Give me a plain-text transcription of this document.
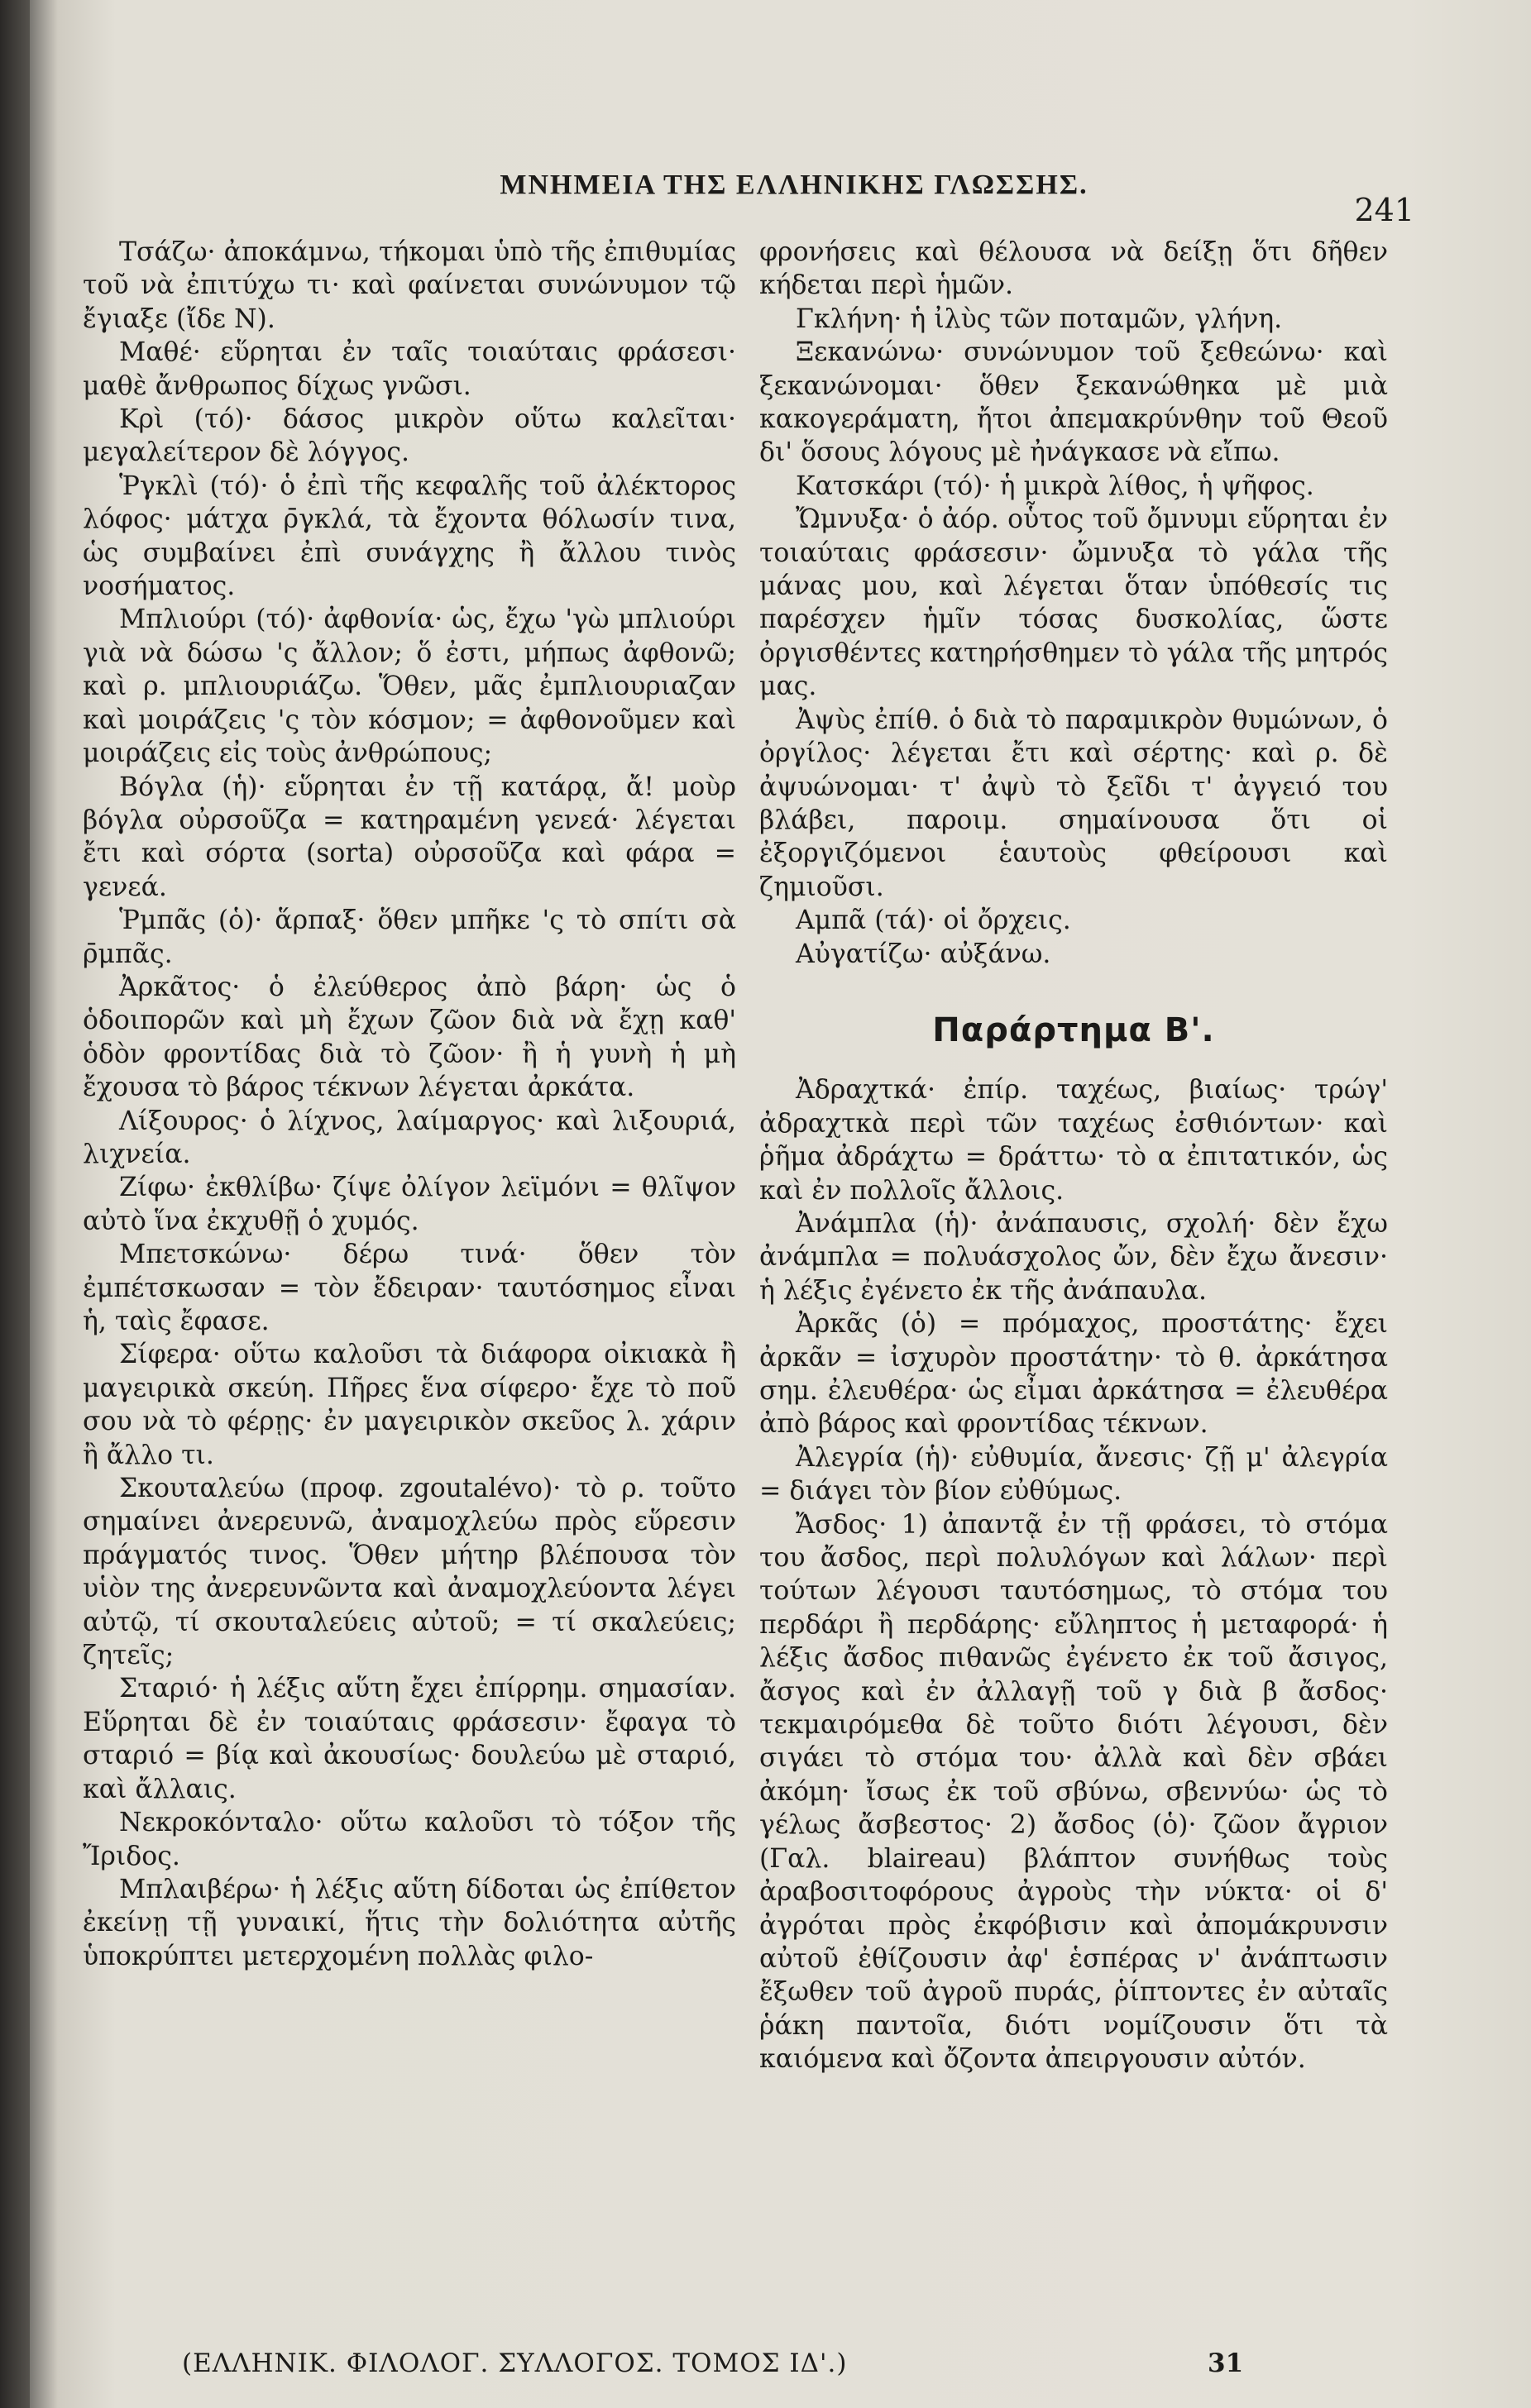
ΜΝΗΜΕΙΑ ΤΗΣ ΕΛΛΗΝΙΚΗΣ ΓΛΩΣΣΗΣ.
241

Τσάζω· ἀποκάμνω, τήκομαι ὑπὸ τῆς ἐπιθυμίας τοῦ νὰ ἐπιτύχω τι· καὶ φαίνεται συνώνυμον τῷ ἔγιαξε (ἴδε Ν).

Μαθέ· εὕρηται ἐν ταῖς τοιαύταις φράσεσι· μαθὲ ἄνθρωπος δίχως γνῶσι.

Κρὶ (τό)· δάσος μικρὸν οὕτω καλεῖται· μεγαλείτερον δὲ λόγγος.

Ῥγκλὶ (τό)· ὁ ἐπὶ τῆς κεφαλῆς τοῦ ἀλέκτορος λόφος· μάτχα ρ̄γκλά, τὰ ἔχοντα θόλωσίν τινα, ὡς συμβαίνει ἐπὶ συνάγχης ἢ ἄλλου τινὸς νοσήματος.

Μπλιούρι (τό)· ἀφθονία· ὡς, ἔχω 'γὼ μπλιούρι γιὰ νὰ δώσω 'ς ἄλλον; ὅ ἐστι, μήπως ἀφθονῶ; καὶ ρ. μπλιουριάζω. Ὅθεν, μᾶς ἐμπλιουριαζαν καὶ μοιράζεις 'ς τὸν κόσμον; = ἀφθονοῦμεν καὶ μοιράζεις εἰς τοὺς ἀνθρώπους;

Βόγλα (ἡ)· εὕρηται ἐν τῇ κατάρᾳ, ἄ! μοὺρ βόγλα οὐρσοῦζα = κατηραμένη γενεά· λέγεται ἔτι καὶ σόρτα (sorta) οὐρσοῦζα καὶ φάρα = γενεά.

Ῥμπᾶς (ὁ)· ἅρπαξ· ὅθεν μπῆκε 'ς τὸ σπίτι σὰ ρ̄μπᾶς.

Ἀρκᾶτος· ὁ ἐλεύθερος ἀπὸ βάρη· ὡς ὁ ὁδοιπορῶν καὶ μὴ ἔχων ζῶον διὰ νὰ ἔχῃ καθ' ὁδὸν φροντίδας διὰ τὸ ζῶον· ἢ ἡ γυνὴ ἡ μὴ ἔχουσα τὸ βάρος τέκνων λέγεται ἀρκάτα.

Λίξουρος· ὁ λίχνος, λαίμαργος· καὶ λιξουριά, λιχνεία.

Ζίφω· ἐκθλίβω· ζίψε ὀλίγον λεϊμόνι = θλῖψον αὐτὸ ἵνα ἐκχυθῇ ὁ χυμός.

Μπετσκώνω· δέρω τινά· ὅθεν τὸν ἐμπέτσκωσαν = τὸν ἔδειραν· ταυτόσημος εἶναι ἡ, ταὶς ἔφασε.

Σίφερα· οὕτω καλοῦσι τὰ διάφορα οἰκιακὰ ἢ μαγειρικὰ σκεύη. Πῆρες ἕνα σίφερο· ἔχε τὸ ποῦ σου νὰ τὸ φέρῃς· ἐν μαγειρικὸν σκεῦος λ. χάριν ἢ ἄλλο τι.

Σκουταλεύω (προφ. zgoutalévo)· τὸ ρ. τοῦτο σημαίνει ἀνερευνῶ, ἀναμοχλεύω πρὸς εὕρεσιν πράγματός τινος. Ὅθεν μήτηρ βλέπουσα τὸν υἱὸν της ἀνερευνῶντα καὶ ἀναμοχλεύοντα λέγει αὐτῷ, τί σκουταλεύεις αὐτοῦ; = τί σκαλεύεις; ζητεῖς;

Σταριό· ἡ λέξις αὕτη ἔχει ἐπίρρημ. σημασίαν. Εὕρηται δὲ ἐν τοιαύταις φράσεσιν· ἔφαγα τὸ σταριό = βίᾳ καὶ ἀκουσίως· δουλεύω μὲ σταριό, καὶ ἄλλαις.

Νεκροκόνταλο· οὕτω καλοῦσι τὸ τόξον τῆς Ἴριδος.

Μπλαιβέρω· ἡ λέξις αὕτη δίδοται ὡς ἐπίθετον ἐκείνῃ τῇ γυναικί, ἥτις τὴν δολιότητα αὐτῆς ὑποκρύπτει μετερχομένη πολλὰς φιλο-

φρονήσεις καὶ θέλουσα νὰ δείξῃ ὅτι δῆθεν κήδεται περὶ ἡμῶν.

Γκλήνη· ἡ ἰλὺς τῶν ποταμῶν, γλήνη.

Ξεκανώνω· συνώνυμον τοῦ ξεθεώνω· καὶ ξεκανώνομαι· ὅθεν ξεκανώθηκα μὲ μιὰ κακογεράματη, ἤτοι ἀπεμακρύνθην τοῦ Θεοῦ δι' ὅσους λόγους μὲ ἠνάγκασε νὰ εἴπω.

Κατσκάρι (τό)· ἡ μικρὰ λίθος, ἡ ψῆφος.

Ὤμνυξα· ὁ ἀόρ. οὗτος τοῦ ὄμνυμι εὕρηται ἐν τοιαύταις φράσεσιν· ὤμνυξα τὸ γάλα τῆς μάνας μου, καὶ λέγεται ὅταν ὑπόθεσίς τις παρέσχεν ἡμῖν τόσας δυσκολίας, ὥστε ὀργισθέντες κατηρήσθημεν τὸ γάλα τῆς μητρός μας.

Ἀψὺς ἐπίθ. ὁ διὰ τὸ παραμικρὸν θυμώνων, ὁ ὀργίλος· λέγεται ἔτι καὶ σέρτης· καὶ ρ. δὲ ἀψυώνομαι· τ' ἀψὺ τὸ ξεῖδι τ' ἀγγειό του βλάβει, παροιμ. σημαίνουσα ὅτι οἱ ἐξοργιζόμενοι ἑαυτοὺς φθείρουσι καὶ ζημιοῦσι.

Αμπᾶ (τά)· οἱ ὄρχεις.

Αὐγατίζω· αὐξάνω.

Παράρτημα Β'.

Ἀδραχτκά· ἐπίρ. ταχέως, βιαίως· τρώγ' ἀδραχτκὰ περὶ τῶν ταχέως ἐσθιόντων· καὶ ῥῆμα ἀδράχτω = δράττω· τὸ α ἐπιτατικόν, ὡς καὶ ἐν πολλοῖς ἄλλοις.

Ἀνάμπλα (ἡ)· ἀνάπαυσις, σχολή· δὲν ἔχω ἀνάμπλα = πολυάσχολος ὤν, δὲν ἔχω ἄνεσιν· ἡ λέξις ἐγένετο ἐκ τῆς ἀνάπαυλα.

Ἀρκᾶς (ὁ) = πρόμαχος, προστάτης· ἔχει ἀρκᾶν = ἰσχυρὸν προστάτην· τὸ θ. ἀρκάτησα σημ. ἐλευθέρα· ὡς εἶμαι ἀρκάτησα = ἐλευθέρα ἀπὸ βάρος καὶ φροντίδας τέκνων.

Ἀλεγρία (ἡ)· εὐθυμία, ἄνεσις· ζῇ μ' ἀλεγρία = διάγει τὸν βίον εὐθύμως.

Ἄσδος· 1) ἀπαντᾷ ἐν τῇ φράσει, τὸ στόμα του ἄσδος, περὶ πολυλόγων καὶ λάλων· περὶ τούτων λέγουσι ταυτόσημως, τὸ στόμα του περδάρι ἢ περδάρης· εὔληπτος ἡ μεταφορά· ἡ λέξις ἄσδος πιθανῶς ἐγένετο ἐκ τοῦ ἄσιγος, ἄσγος καὶ ἐν ἀλλαγῇ τοῦ γ διὰ β ἄσδος· τεκμαιρόμεθα δὲ τοῦτο διότι λέγουσι, δὲν σιγάει τὸ στόμα του· ἀλλὰ καὶ δὲν σβάει ἀκόμη· ἴσως ἐκ τοῦ σβύνω, σβεννύω· ὡς τὸ γέλως ἄσβεστος· 2) ἄσδος (ὁ)· ζῶον ἄγριον (Γαλ. blaireau) βλάπτον συνήθως τοὺς ἀραβοσιτοφόρους ἀγροὺς τὴν νύκτα· οἱ δ' ἀγρόται πρὸς ἐκφόβισιν καὶ ἀπομάκρυνσιν αὐτοῦ ἐθίζουσιν ἀφ' ἑσπέρας ν' ἀνάπτωσιν ἔξωθεν τοῦ ἀγροῦ πυράς, ῥίπτοντες ἐν αὐταῖς ῥάκη παντοῖα, διότι νομίζουσιν ὅτι τὰ καιόμενα καὶ ὄζοντα ἀπειργουσιν αὐτόν.

(ΕΛΛΗΝΙΚ. ΦΙΛΟΛΟΓ. ΣΥΛΛΟΓΟΣ. ΤΟΜΟΣ ΙΔ'.)	31
